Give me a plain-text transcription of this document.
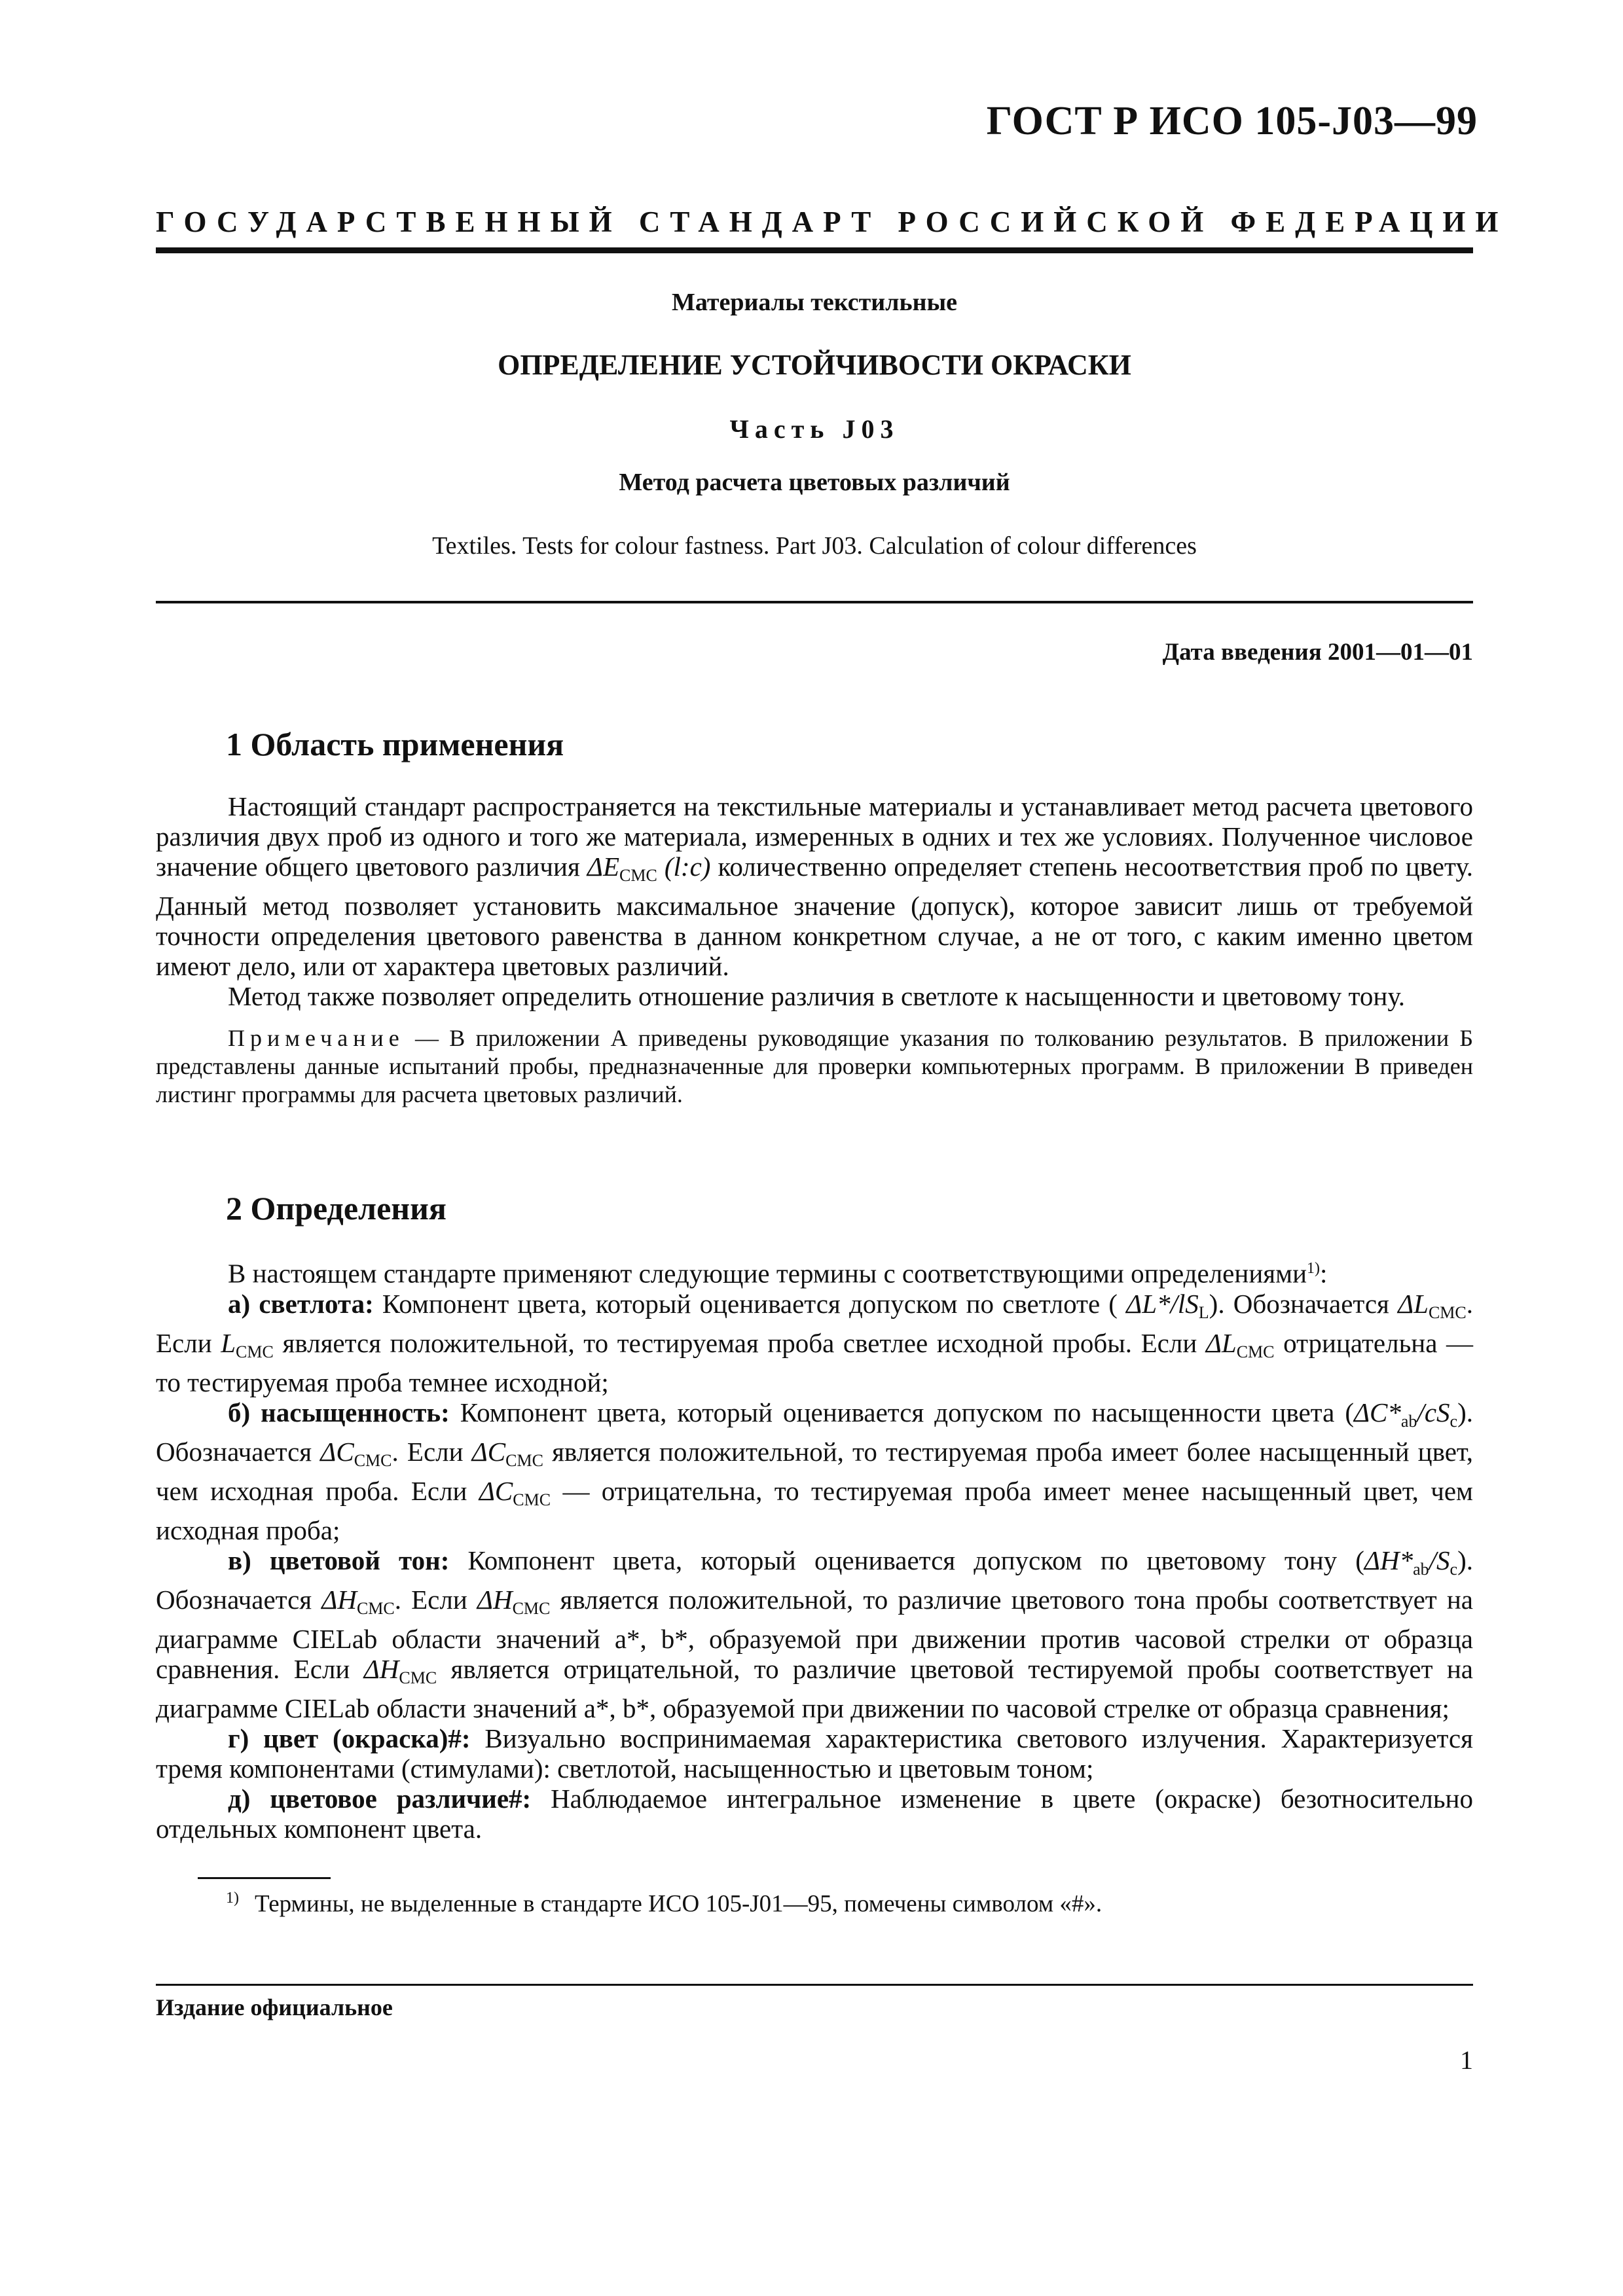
ГОСТ Р ИСО 105-J03—99
ГОСУДАРСТВЕННЫЙ СТАНДАРТ РОССИЙСКОЙ ФЕДЕРАЦИИ
Материалы текстильные
ОПРЕДЕЛЕНИЕ УСТОЙЧИВОСТИ ОКРАСКИ
Часть J03
Метод расчета цветовых различий
Textiles. Tests for colour fastness. Part J03. Calculation of colour differences
Дата введения 2001—01—01
1 Область применения

Настоящий стандарт распространяется на текстильные материалы и устанавливает метод расчета цветового различия двух проб из одного и того же материала, измеренных в одних и тех же условиях. Полученное числовое значение общего цветового различия $\Delta E_{CMC}$ (l:c) количественно определяет степень несоответствия проб по цвету. Данный метод позволяет установить максимальное значение (допуск), которое зависит лишь от требуемой точности определения цветового равенства в данном конкретном случае, а не от того, с каким именно цветом имеют дело, или от характера цветовых различий.

Метод также позволяет определить отношение различия в светлоте к насыщенности и цветовому тону.

Примечание — В приложении А приведены руководящие указания по толкованию результатов. В приложении Б представлены данные испытаний пробы, предназначенные для проверки компьютерных программ. В приложении В приведен листинг программы для расчета цветовых различий.

2 Определения

В настоящем стандарте применяют следующие термины с соответствующими определениями$^{1)}$:

а) светлота: Компонент цвета, который оценивается допуском по светлоте ( $\Delta L*/lS_L$). Обозначается $\Delta L_{CMC}$. Если $L_{CMC}$ является положительной, то тестируемая проба светлее исходной пробы. Если $\Delta L_{CMC}$ отрицательна — то тестируемая проба темнее исходной;

б) насыщенность: Компонент цвета, который оценивается допуском по насыщенности цвета $(\Delta C*_{ab}/cS_c)$. Обозначается $\Delta C_{CMC}$. Если $\Delta C_{CMC}$ является положительной, то тестируемая проба имеет более насыщенный цвет, чем исходная проба. Если $\Delta C_{CMC}$ — отрицательна, то тестируемая проба имеет менее насыщенный цвет, чем исходная проба;

в) цветовой тон: Компонент цвета, который оценивается допуском по цветовому тону $(\Delta H*_{ab}/S_c)$. Обозначается $\Delta H_{CMC}$. Если $\Delta H_{CMC}$ является положительной, то различие цветового тона пробы соответствует на диаграмме CIELab области значений a*, b*, образуемой при движении против часовой стрелки от образца сравнения. Если $\Delta H_{CMC}$ является отрицательной, то различие цветовой тестируемой пробы соответствует на диаграмме CIELab области значений a*, b*, образуемой при движении по часовой стрелке от образца сравнения;

г) цвет (окраска)#: Визуально воспринимаемая характеристика светового излучения. Характеризуется тремя компонентами (стимулами): светлотой, насыщенностью и цветовым тоном;

д) цветовое различие#: Наблюдаемое интегральное изменение в цвете (окраске) безотносительно отдельных компонент цвета.

$^{1)}$ Термины, не выделенные в стандарте ИСО 105-J01—95, помечены символом «#».
Издание официальное
1
